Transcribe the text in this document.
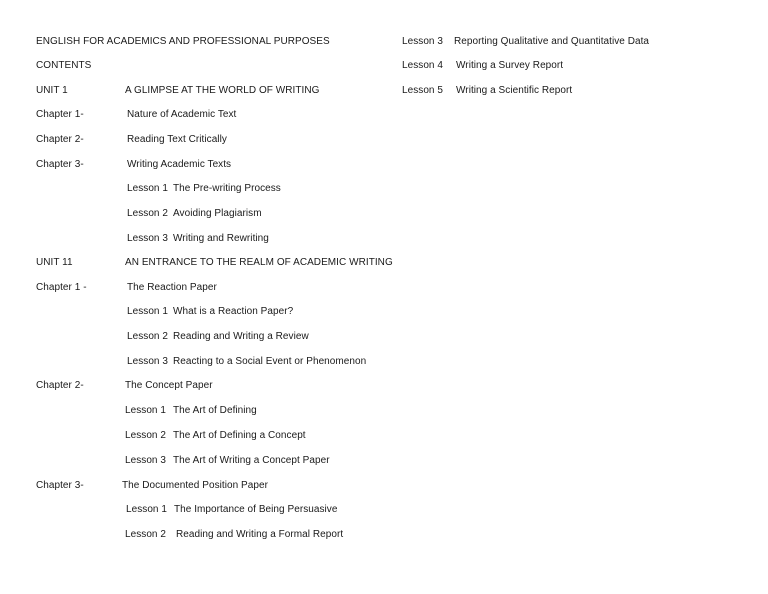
ENGLISH FOR ACADEMICS AND PROFESSIONAL PURPOSES
CONTENTS
UNIT 1	A GLIMPSE AT THE WORLD OF WRITING
Chapter 1-	Nature of Academic Text
Chapter 2-	Reading Text Critically
Chapter 3-	Writing Academic Texts
Lesson 1 The Pre-writing Process
Lesson 2 Avoiding Plagiarism
Lesson 3 Writing and Rewriting
UNIT 11	AN ENTRANCE TO THE REALM OF ACADEMIC WRITING
Chapter 1 -	The Reaction Paper
Lesson 1 What is a Reaction Paper?
Lesson 2 Reading and Writing a Review
Lesson 3 Reacting to a Social Event or Phenomenon
Chapter 2-	The Concept Paper
Lesson 1 The Art of Defining
Lesson 2 The Art of Defining a Concept
Lesson 3 The Art of Writing a Concept Paper
Chapter 3-	The Documented Position Paper
Lesson 1 The Importance of Being Persuasive
Lesson 2 Reading and Writing a Formal Report
Lesson 3 Reporting Qualitative and Quantitative Data
Lesson 4 Writing a Survey Report
Lesson 5 Writing a Scientific Report
